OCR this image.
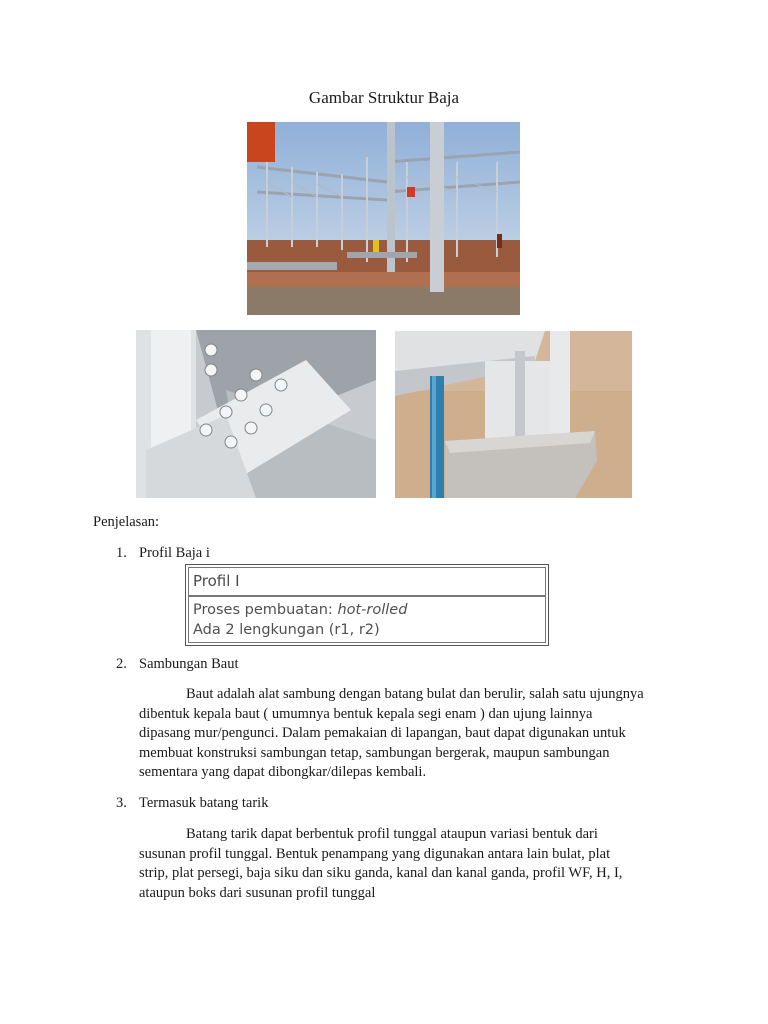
Gambar Struktur Baja
Penjelasan:
1. Profil Baja i
Profil I
Proses pembuatan: hot-rolled
Ada 2 lengkungan (r1, r2)
2. Sambungan Baut
Baut adalah alat sambung dengan batang bulat dan berulir, salah satu ujungnya
dibentuk kepala baut ( umumnya bentuk kepala segi enam ) dan ujung lainnya
dipasang mur/pengunci. Dalam pemakaian di lapangan, baut dapat digunakan untuk
membuat konstruksi sambungan tetap, sambungan bergerak, maupun sambungan
sementara yang dapat dibongkar/dilepas kembali.
3. Termasuk batang tarik
Batang tarik dapat berbentuk profil tunggal ataupun variasi bentuk dari
susunan profil tunggal. Bentuk penampang yang digunakan antara lain bulat, plat
strip, plat persegi, baja siku dan siku ganda, kanal dan kanal ganda, profil WF, H, I,
ataupun boks dari susunan profil tunggal
